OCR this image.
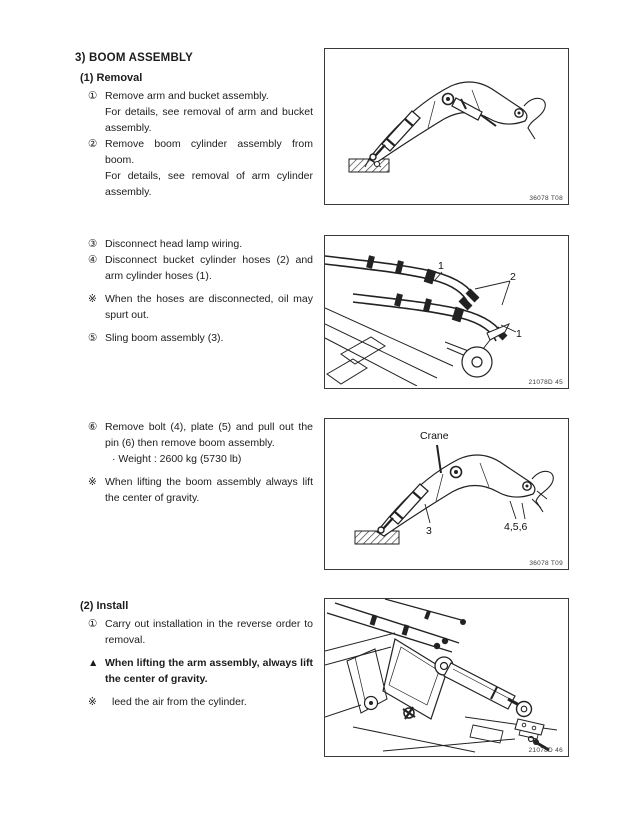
3) BOOM ASSEMBLY
(1) Removal
① Remove arm and bucket assembly.

For details, see removal of arm and bucket assembly.

② Remove boom cylinder assembly from boom.

For details, see removal of arm cylinder assembly.

③ Disconnect head lamp wiring.

④ Disconnect bucket cylinder hoses (2) and arm cylinder hoses (1).

※ When the hoses are disconnected, oil may spurt out.

⑤ Sling boom assembly (3).

⑥ Remove bolt (4), plate (5) and pull out the pin (6) then remove boom assembly.

· Weight : 2600 kg (5730 lb)

※ When lifting the boom assembly always lift the center of gravity.

(2) Install
① Carry out installation in the reverse order to removal.

▲ When lifting the arm assembly, always lift the center of gravity.

※	leed the air from the cylinder.

36078 T08
1
2
1
21078D 45
Crane
3	4,5,6
36078 T09
21078D 46
